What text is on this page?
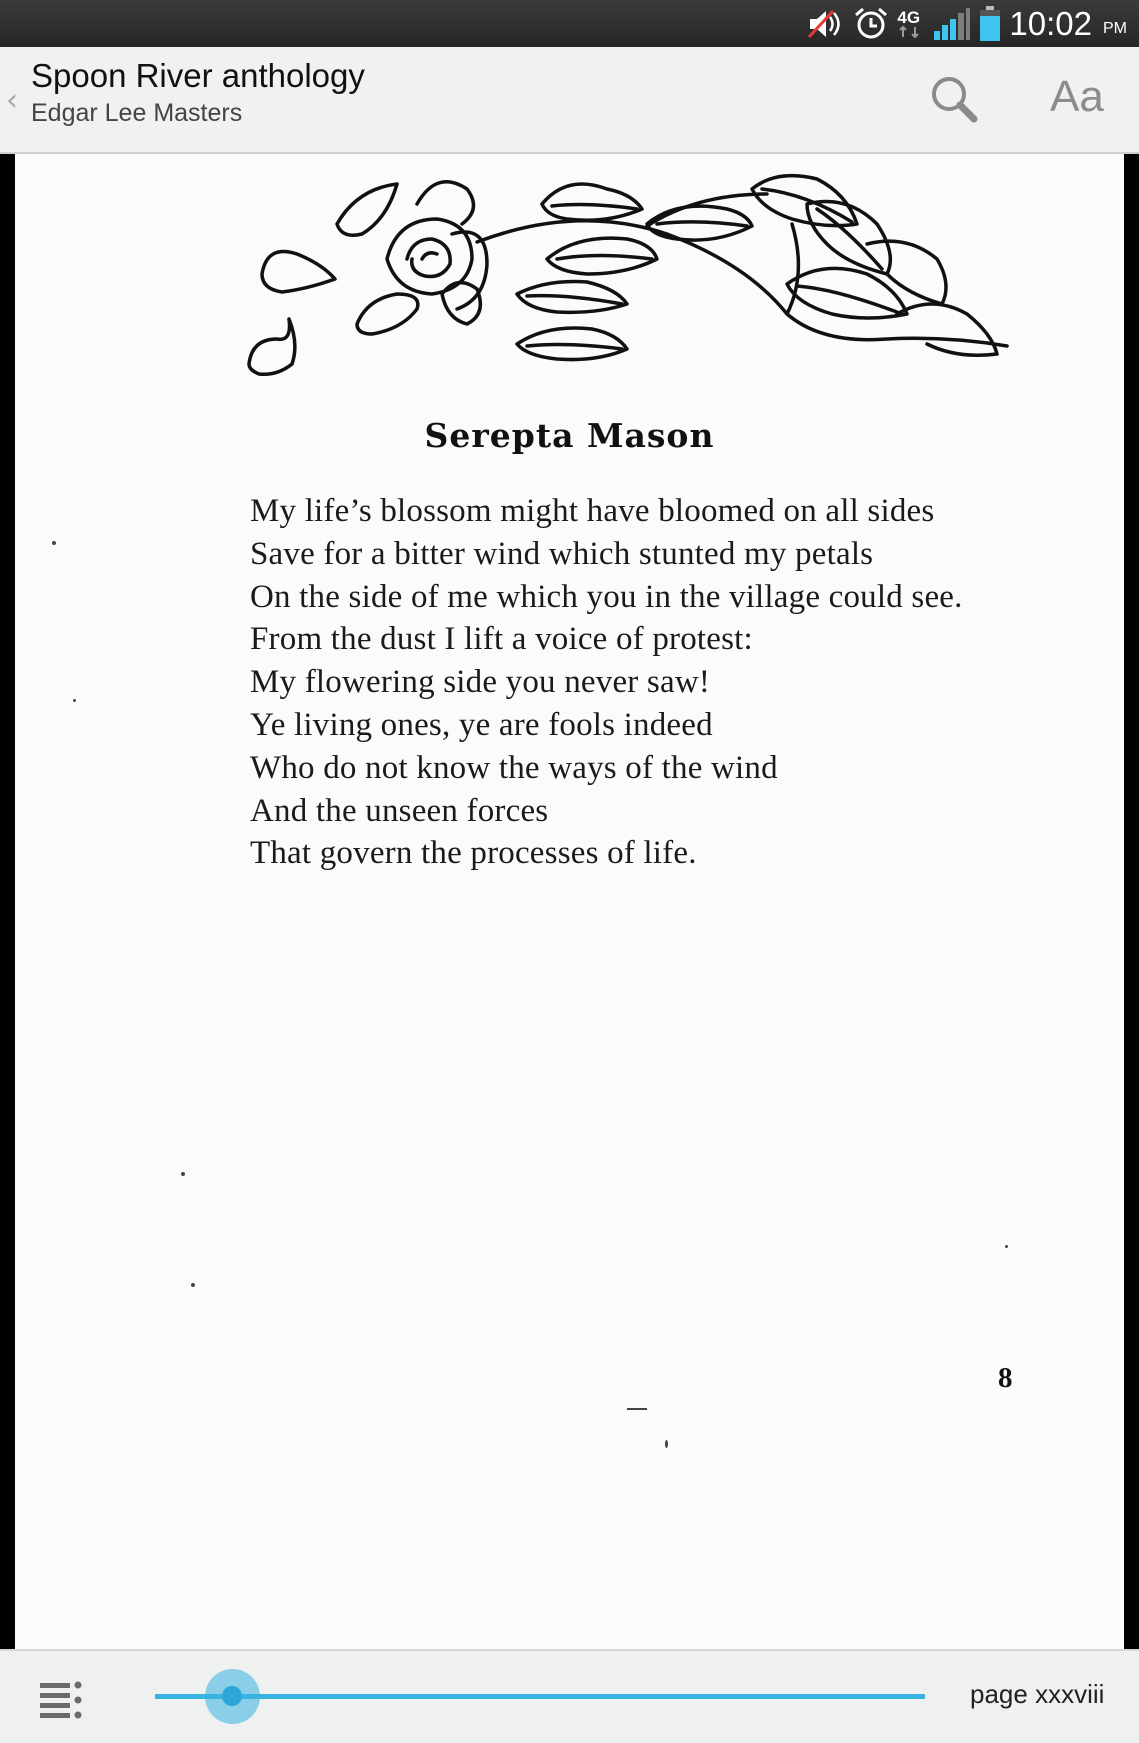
4G	10:02 PM
‹
Spoon River anthology
Edgar Lee Masters	Aa
Serepta Mason
My life’s blossom might have bloomed on all sides
Save for a bitter wind which stunted my petals
On the side of me which you in the village could see.
From the dust I lift a voice of protest:
My flowering side you never saw!
Ye living ones, ye are fools indeed
Who do not know the ways of the wind
And the unseen forces
That govern the processes of life.
8
page xxxviii
